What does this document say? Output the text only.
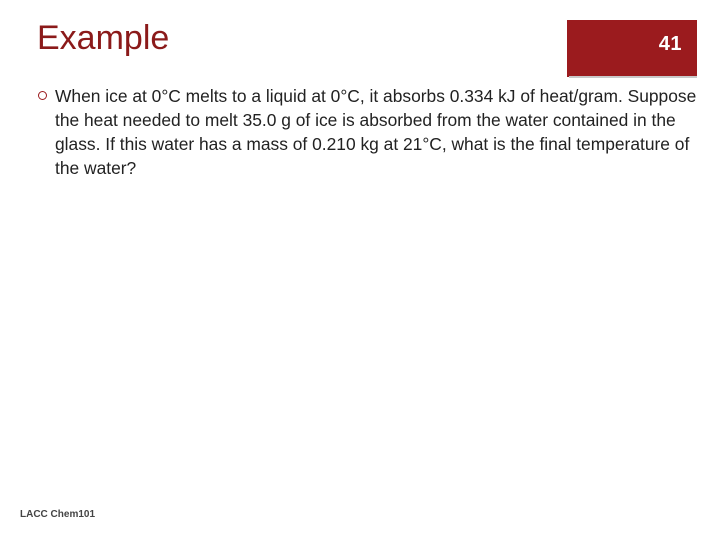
Example	41
When ice at 0°C melts to a liquid at 0°C, it absorbs 0.334 kJ of heat/gram. Suppose the heat needed to melt 35.0 g of ice is absorbed from the water contained in the glass. If this water has a mass of 0.210 kg at 21°C, what is the final temperature of the water?
LACC Chem101
